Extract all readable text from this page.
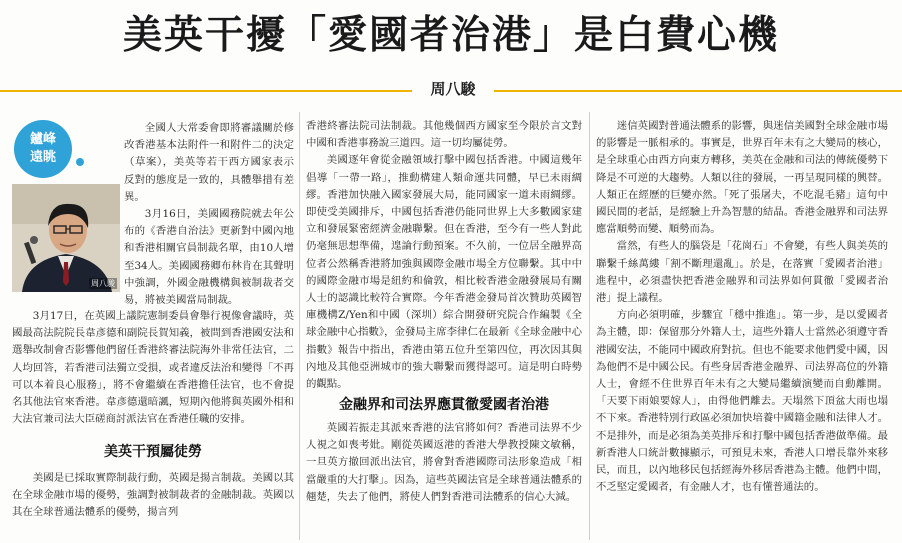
美英干擾「愛國者治港」是白費心機
周八駿
鑪峰
遠眺
周八駿

全國人大常委會即將審議關於修改香港基本法附件一和附件二的決定（草案），美英等若干西方國家表示反對的態度是一致的，具體舉措有差異。

3月16日，美國國務院就去年公布的《香港自治法》更新對中國內地和香港相關官員制裁名單，由10人增至34人。美國國務卿布林肯在其聲明中強調，外國金融機構與被制裁者交易，將被美國當局制裁。

3月17日，在英國上議院憲制委員會舉行視像會議時，英國最高法院院長韋彥德和副院長賀知義，被問到香港國安法和選舉改制會否影響他們留任香港終審法院海外非常任法官，二人均回答，若香港司法獨立受損，或者違反法治和變得「不再可以本着良心服務」，將不會繼續在香港擔任法官，也不會提名其他法官來香港。韋彥德還暗諷，短期內他將與英國外相和大法官兼司法大臣磋商討派法官在香港任職的安排。

美英干預屬徒勞

美國是已採取實際制裁行動，英國是揚言制裁。美國以其在全球金融市場的優勢，強調對被制裁者的金融制裁。英國以其在全球普通法體系的優勢，揚言列

香港終審法院司法制裁。其他幾個西方國家至今限於言文對中國和香港事務說三道四。這一切均屬徒勞。

美國逐年會從金融領域打擊中國包括香港。中國這幾年倡導「一帶一路」，推動構建人類命運共同體，早已未雨綢繆。香港加快融入國家發展大局，能同國家一道未雨綢繆。即使受美國排斥，中國包括香港仍能同世界上大多數國家建立和發展緊密經濟金融聯繫。但在香港，至今有一些人對此仍毫無思想準備，遑論行動預案。不久前，一位居全融界高位者公然稱香港將加強與國際金融市場全方位聯繫。其中中的國際金融市場是紐約和倫敦，相比較香港金融發展局有關人士的認識比較符合實際。今年香港金發局首次贊助英國智庫機構Z/Yen和中國（深圳）綜合開發研究院合作編製《全球金融中心指數》，金發局主席李律仁在最新《全球金融中心指數》報告中指出，香港由第五位升至第四位，再次因其與內地及其他亞洲城市的強大聯繫而獲得認可。這是明白時勢的觀點。

金融界和司法界應貫徹愛國者治港

英國若振走其派來香港的法官將如何？香港司法界不少人視之如喪考妣。剛從英國返港的香港大學教授陳文敏稱，一旦英方撤回派出法官，將會對香港國際司法形象造成「相當嚴重的大打擊」。因為，這些英國法官是全球普通法體系的翹楚，失去了他們，將使人們對香港司法體系的信心大減。

迷信英國對普通法體系的影響，與迷信美國對全球金融市場的影響是一脈相承的。事實是，世界百年未有之大變局的核心，是全球重心由西方向東方轉移，美英在金融和司法的傳統優勢下降是不可逆的大趨勢。人類以往的發展，一再呈現同樣的興替。人類正在經歷的巨變亦然。「死了張屠夫，不吃混毛豬」這句中國民間的老話，是經驗上升為智慧的結晶。香港金融界和司法界應當順勢而變、順勢而為。

當然，有些人的腦袋是「花崗石」不會變，有些人與美英的聯繫千絲萬縷「割不斷理還亂」。於是，在落實「愛國者治港」進程中，必須盡快把香港金融界和司法界如何貫徹「愛國者治港」提上議程。

方向必須明確，步驟宜「穩中推進」。第一步，是以愛國者為主體，即：保留那分外籍人士，這些外籍人士當然必須遵守香港國安法，不能同中國政府對抗。但也不能要求他們愛中國，因為他們不是中國公民。有些身居香港金融界、司法界高位的外籍人士，會經不住世界百年未有之大變局繼續演變而自動離開。「天要下雨娘要嫁人」，由得他們離去。天塌然下頂盆大雨也塌不下來。香港特別行政區必須加快培養中國籍金融和法律人才。不是排外，而是必須為美英排斥和打擊中國包括香港做準備。最新香港人口統計數據顯示，可預見未來，香港人口增長靠外來移民，而且，以內地移民包括經海外移居香港為主體。他們中間，不乏堅定愛國者，有金融人才，也有懂普通法的。
